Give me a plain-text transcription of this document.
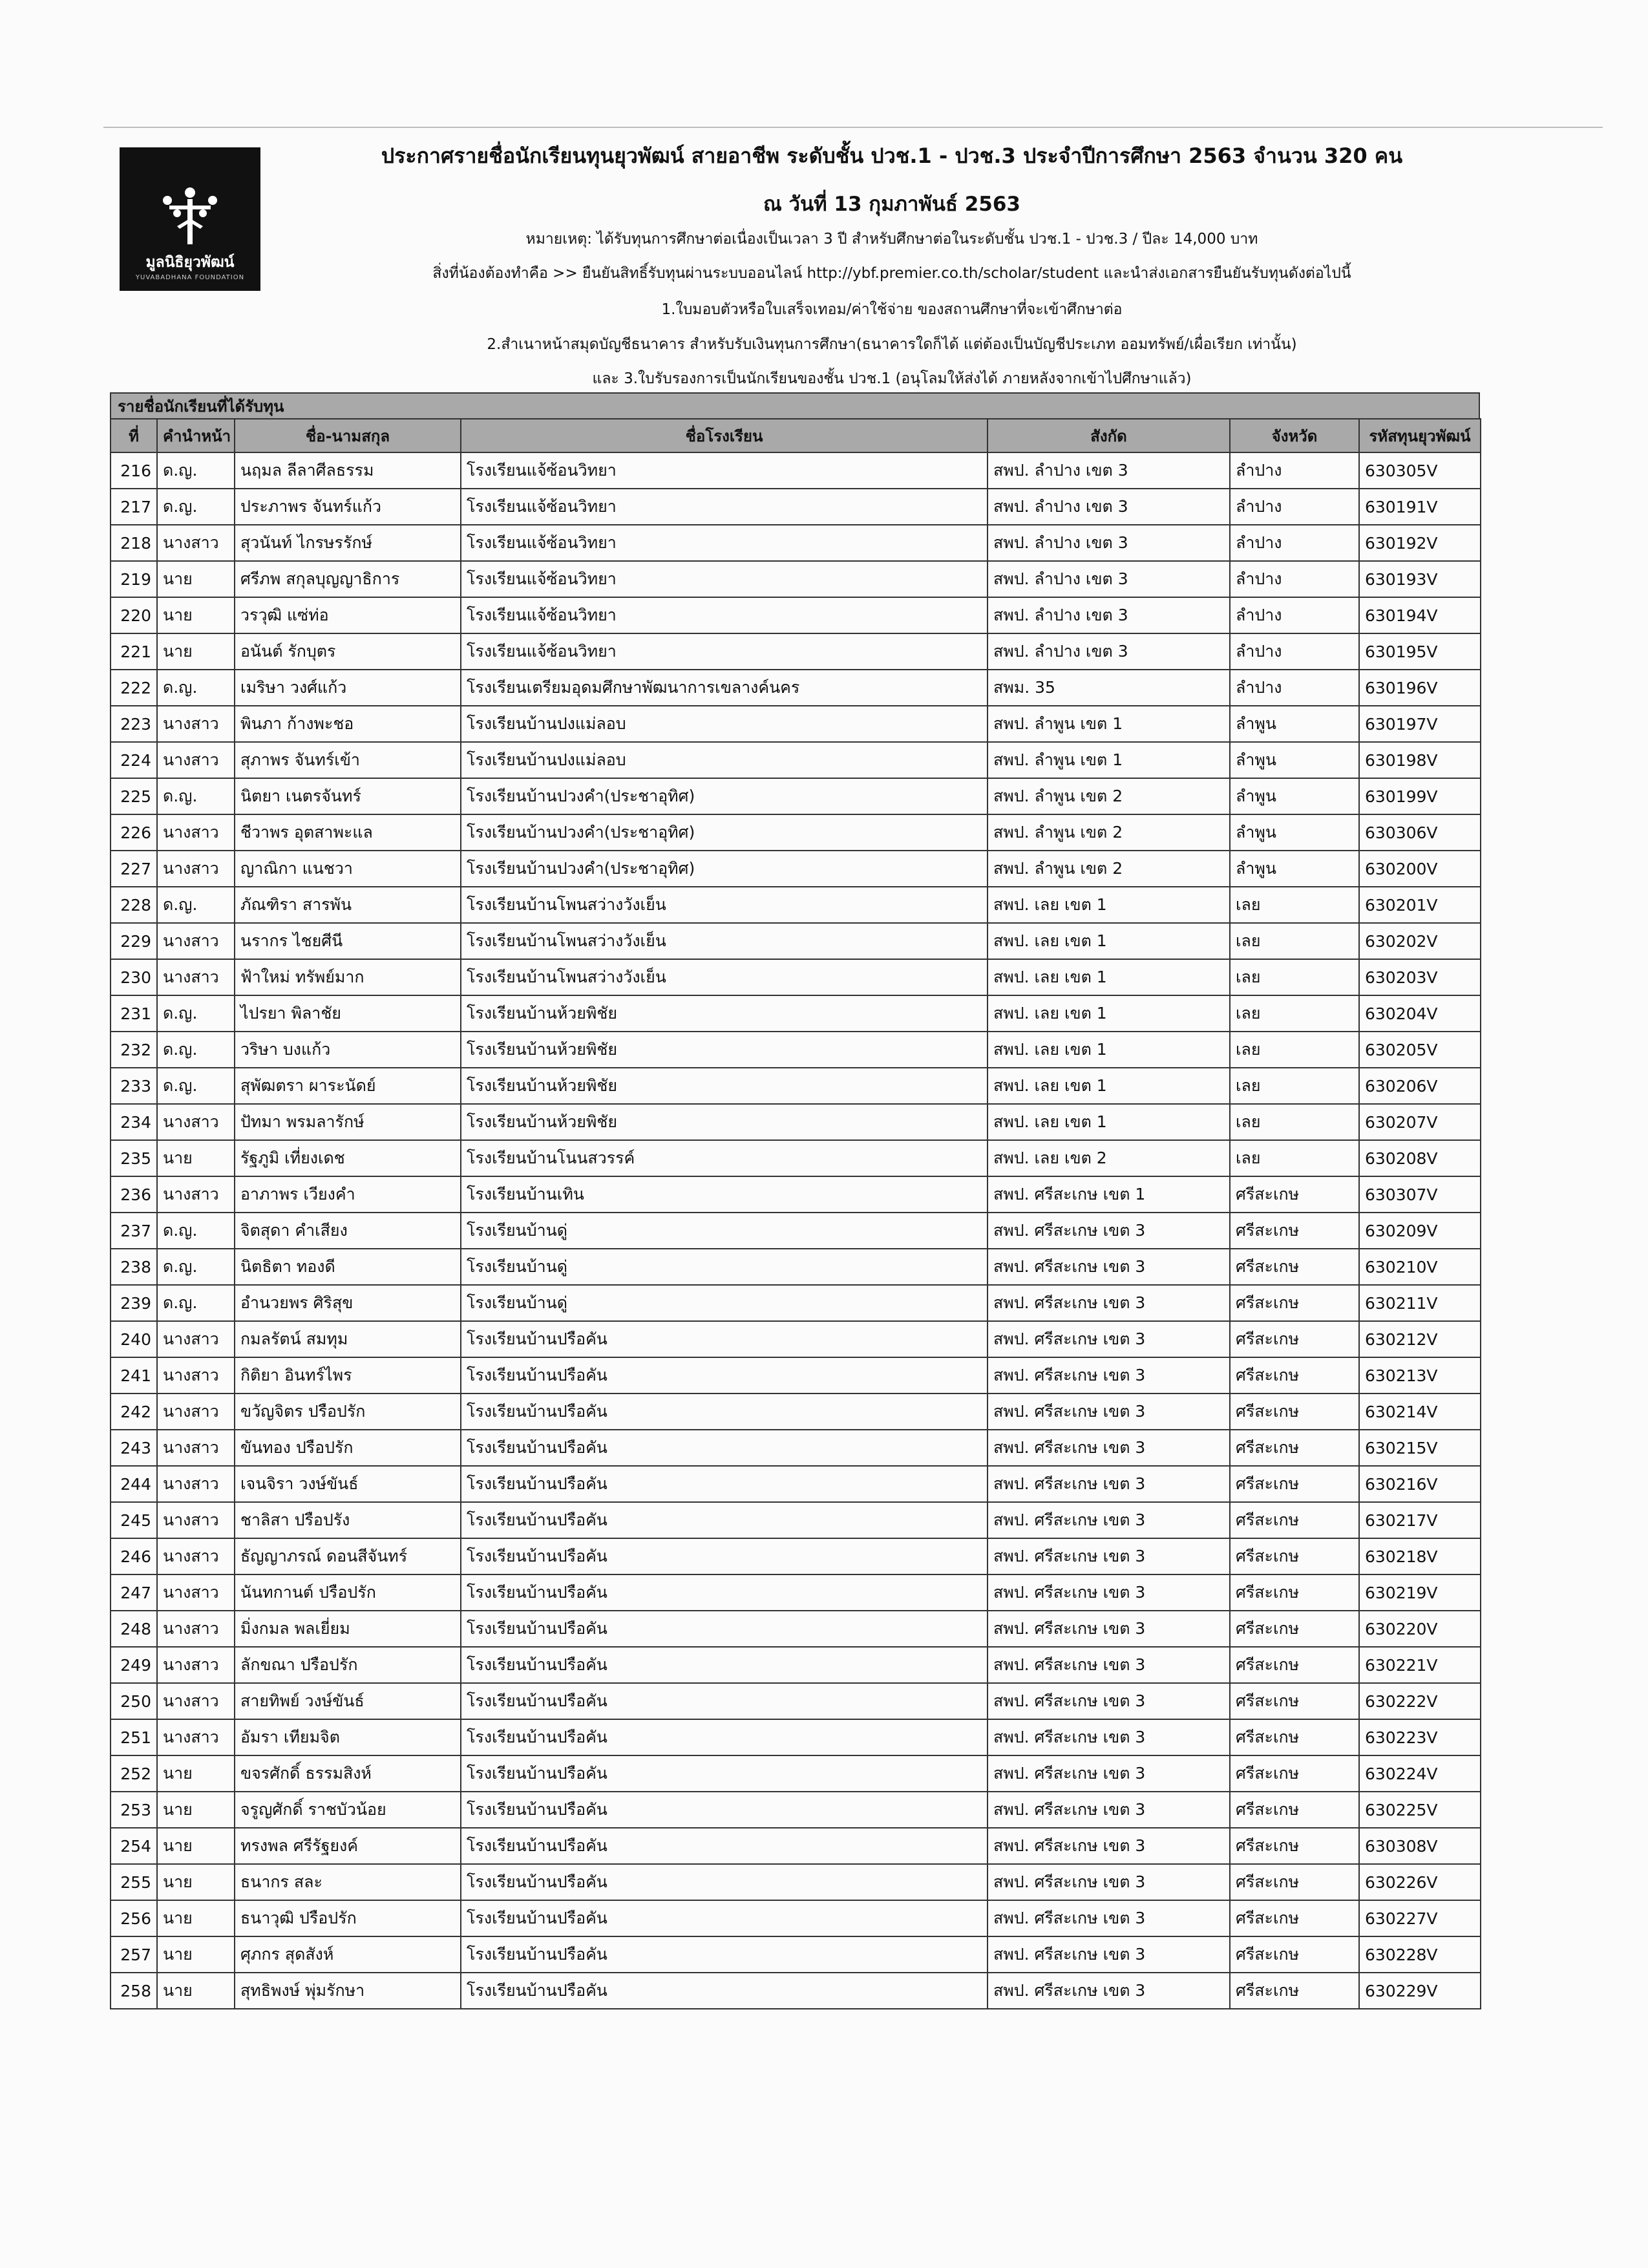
มูลนิธิยุวพัฒน์
YUVABADHANA FOUNDATION
ประกาศรายชื่อนักเรียนทุนยุวพัฒน์ สายอาชีพ ระดับชั้น ปวช.1 - ปวช.3 ประจำปีการศึกษา 2563 จำนวน 320 คน
ณ วันที่ 13 กุมภาพันธ์ 2563
หมายเหตุ: ได้รับทุนการศึกษาต่อเนื่องเป็นเวลา 3 ปี สำหรับศึกษาต่อในระดับชั้น ปวช.1 - ปวช.3 / ปีละ 14,000 บาท
สิ่งที่น้องต้องทำคือ >> ยืนยันสิทธิ์รับทุนผ่านระบบออนไลน์ http://ybf.premier.co.th/scholar/student และนำส่งเอกสารยืนยันรับทุนดังต่อไปนี้
1.ใบมอบตัวหรือใบเสร็จเทอม/ค่าใช้จ่าย ของสถานศึกษาที่จะเข้าศึกษาต่อ
2.สำเนาหน้าสมุดบัญชีธนาคาร สำหรับรับเงินทุนการศึกษา(ธนาคารใดก็ได้ แต่ต้องเป็นบัญชีประเภท ออมทรัพย์/เผื่อเรียก เท่านั้น)
และ 3.ใบรับรองการเป็นนักเรียนของชั้น ปวช.1 (อนุโลมให้ส่งได้ ภายหลังจากเข้าไปศึกษาแล้ว)
รายชื่อนักเรียนที่ได้รับทุน
ที่	คำนำหน้า	ชื่อ-นามสกุล	ชื่อโรงเรียน	สังกัด	จังหวัด	รหัสทุนยุวพัฒน์
216	ด.ญ.	นฤมล ลีลาศีลธรรม	โรงเรียนแจ้ซ้อนวิทยา	สพป. ลำปาง เขต 3	ลำปาง	630305V
217	ด.ญ.	ประภาพร จันทร์แก้ว	โรงเรียนแจ้ซ้อนวิทยา	สพป. ลำปาง เขต 3	ลำปาง	630191V
218	นางสาว	สุวนันท์ ไกรษรรักษ์	โรงเรียนแจ้ซ้อนวิทยา	สพป. ลำปาง เขต 3	ลำปาง	630192V
219	นาย	ศรีภพ สกุลบุญญาธิการ	โรงเรียนแจ้ซ้อนวิทยา	สพป. ลำปาง เขต 3	ลำปาง	630193V
220	นาย	วรวุฒิ แซ่ท่อ	โรงเรียนแจ้ซ้อนวิทยา	สพป. ลำปาง เขต 3	ลำปาง	630194V
221	นาย	อนันต์ รักบุตร	โรงเรียนแจ้ซ้อนวิทยา	สพป. ลำปาง เขต 3	ลำปาง	630195V
222	ด.ญ.	เมริษา วงศ์แก้ว	โรงเรียนเตรียมอุดมศึกษาพัฒนาการเขลางค์นคร	สพม. 35	ลำปาง	630196V
223	นางสาว	พินภา ก้างพะชอ	โรงเรียนบ้านปงแม่ลอบ	สพป. ลำพูน เขต 1	ลำพูน	630197V
224	นางสาว	สุภาพร จันทร์เข้า	โรงเรียนบ้านปงแม่ลอบ	สพป. ลำพูน เขต 1	ลำพูน	630198V
225	ด.ญ.	นิตยา เนตรจันทร์	โรงเรียนบ้านปวงคำ(ประชาอุทิศ)	สพป. ลำพูน เขต 2	ลำพูน	630199V
226	นางสาว	ชีวาพร อุตสาพะแล	โรงเรียนบ้านปวงคำ(ประชาอุทิศ)	สพป. ลำพูน เขต 2	ลำพูน	630306V
227	นางสาว	ญาณิกา แนชวา	โรงเรียนบ้านปวงคำ(ประชาอุทิศ)	สพป. ลำพูน เขต 2	ลำพูน	630200V
228	ด.ญ.	ภัณฑิรา สารพัน	โรงเรียนบ้านโพนสว่างวังเย็น	สพป. เลย เขต 1	เลย	630201V
229	นางสาว	นรากร ไชยศีนี	โรงเรียนบ้านโพนสว่างวังเย็น	สพป. เลย เขต 1	เลย	630202V
230	นางสาว	ฟ้าใหม่ ทรัพย์มาก	โรงเรียนบ้านโพนสว่างวังเย็น	สพป. เลย เขต 1	เลย	630203V
231	ด.ญ.	ไปรยา พิลาชัย	โรงเรียนบ้านห้วยพิชัย	สพป. เลย เขต 1	เลย	630204V
232	ด.ญ.	วริษา บงแก้ว	โรงเรียนบ้านห้วยพิชัย	สพป. เลย เขต 1	เลย	630205V
233	ด.ญ.	สุพัฒตรา ผาระนัดย์	โรงเรียนบ้านห้วยพิชัย	สพป. เลย เขต 1	เลย	630206V
234	นางสาว	ปัทมา พรมลารักษ์	โรงเรียนบ้านห้วยพิชัย	สพป. เลย เขต 1	เลย	630207V
235	นาย	รัฐภูมิ เที่ยงเดช	โรงเรียนบ้านโนนสวรรค์	สพป. เลย เขต 2	เลย	630208V
236	นางสาว	อาภาพร เวียงคำ	โรงเรียนบ้านเทิน	สพป. ศรีสะเกษ เขต 1	ศรีสะเกษ	630307V
237	ด.ญ.	จิตสุดา คำเสียง	โรงเรียนบ้านดู่	สพป. ศรีสะเกษ เขต 3	ศรีสะเกษ	630209V
238	ด.ญ.	นิตธิตา ทองดี	โรงเรียนบ้านดู่	สพป. ศรีสะเกษ เขต 3	ศรีสะเกษ	630210V
239	ด.ญ.	อำนวยพร ศิริสุข	โรงเรียนบ้านดู่	สพป. ศรีสะเกษ เขต 3	ศรีสะเกษ	630211V
240	นางสาว	กมลรัตน์ สมทุม	โรงเรียนบ้านปรือคัน	สพป. ศรีสะเกษ เขต 3	ศรีสะเกษ	630212V
241	นางสาว	กิติยา อินทร์ไพร	โรงเรียนบ้านปรือคัน	สพป. ศรีสะเกษ เขต 3	ศรีสะเกษ	630213V
242	นางสาว	ขวัญจิตร ปรือปรัก	โรงเรียนบ้านปรือคัน	สพป. ศรีสะเกษ เขต 3	ศรีสะเกษ	630214V
243	นางสาว	ขันทอง ปรือปรัก	โรงเรียนบ้านปรือคัน	สพป. ศรีสะเกษ เขต 3	ศรีสะเกษ	630215V
244	นางสาว	เจนจิรา วงษ์ขันธ์	โรงเรียนบ้านปรือคัน	สพป. ศรีสะเกษ เขต 3	ศรีสะเกษ	630216V
245	นางสาว	ชาลิสา ปรือปรัง	โรงเรียนบ้านปรือคัน	สพป. ศรีสะเกษ เขต 3	ศรีสะเกษ	630217V
246	นางสาว	ธัญญาภรณ์ ดอนสีจันทร์	โรงเรียนบ้านปรือคัน	สพป. ศรีสะเกษ เขต 3	ศรีสะเกษ	630218V
247	นางสาว	นันทกานต์ ปรือปรัก	โรงเรียนบ้านปรือคัน	สพป. ศรีสะเกษ เขต 3	ศรีสะเกษ	630219V
248	นางสาว	มิ่งกมล พลเยี่ยม	โรงเรียนบ้านปรือคัน	สพป. ศรีสะเกษ เขต 3	ศรีสะเกษ	630220V
249	นางสาว	ลักขณา ปรือปรัก	โรงเรียนบ้านปรือคัน	สพป. ศรีสะเกษ เขต 3	ศรีสะเกษ	630221V
250	นางสาว	สายทิพย์ วงษ์ขันธ์	โรงเรียนบ้านปรือคัน	สพป. ศรีสะเกษ เขต 3	ศรีสะเกษ	630222V
251	นางสาว	อัมรา เทียมจิต	โรงเรียนบ้านปรือคัน	สพป. ศรีสะเกษ เขต 3	ศรีสะเกษ	630223V
252	นาย	ขจรศักดิ์ ธรรมสิงห์	โรงเรียนบ้านปรือคัน	สพป. ศรีสะเกษ เขต 3	ศรีสะเกษ	630224V
253	นาย	จรูญศักดิ์ ราชบัวน้อย	โรงเรียนบ้านปรือคัน	สพป. ศรีสะเกษ เขต 3	ศรีสะเกษ	630225V
254	นาย	ทรงพล ศรีรัฐยงค์	โรงเรียนบ้านปรือคัน	สพป. ศรีสะเกษ เขต 3	ศรีสะเกษ	630308V
255	นาย	ธนากร สละ	โรงเรียนบ้านปรือคัน	สพป. ศรีสะเกษ เขต 3	ศรีสะเกษ	630226V
256	นาย	ธนาวุฒิ ปรือปรัก	โรงเรียนบ้านปรือคัน	สพป. ศรีสะเกษ เขต 3	ศรีสะเกษ	630227V
257	นาย	ศุภกร สุดสังห์	โรงเรียนบ้านปรือคัน	สพป. ศรีสะเกษ เขต 3	ศรีสะเกษ	630228V
258	นาย	สุทธิพงษ์ พุ่มรักษา	โรงเรียนบ้านปรือคัน	สพป. ศรีสะเกษ เขต 3	ศรีสะเกษ	630229V
